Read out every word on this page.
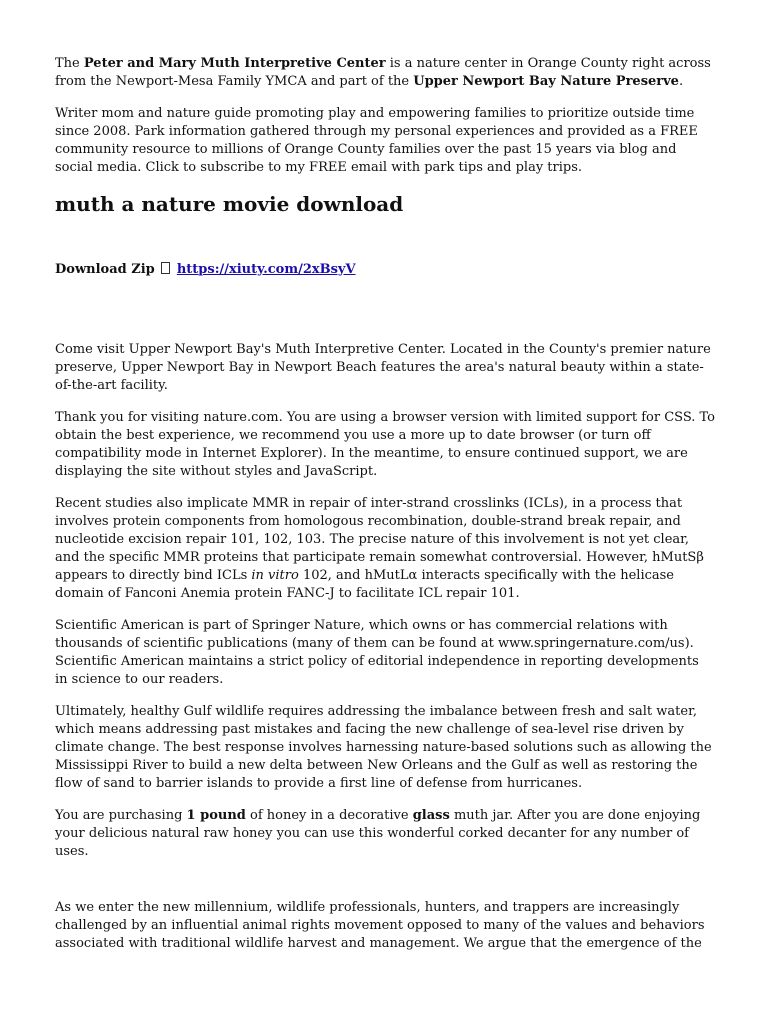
The Peter and Mary Muth Interpretive Center is a nature center in Orange County right across from the Newport-Mesa Family YMCA and part of the Upper Newport Bay Nature Preserve.

Writer mom and nature guide promoting play and empowering families to prioritize outside time since 2008. Park information gathered through my personal experiences and provided as a FREE community resource to millions of Orange County families over the past 15 years via blog and social media. Click to subscribe to my FREE email with park tips and play trips.

muth a nature movie download
Download Zip https://xiuty.com/2xBsyV

Come visit Upper Newport Bay's Muth Interpretive Center. Located in the County's premier nature preserve, Upper Newport Bay in Newport Beach features the area's natural beauty within a state-of-the-art facility.

Thank you for visiting nature.com. You are using a browser version with limited support for CSS. To obtain the best experience, we recommend you use a more up to date browser (or turn off compatibility mode in Internet Explorer). In the meantime, to ensure continued support, we are displaying the site without styles and JavaScript.

Recent studies also implicate MMR in repair of inter-strand crosslinks (ICLs), in a process that involves protein components from homologous recombination, double-strand break repair, and nucleotide excision repair 101, 102, 103. The precise nature of this involvement is not yet clear, and the specific MMR proteins that participate remain somewhat controversial. However, hMutSβ appears to directly bind ICLs in vitro 102, and hMutLα interacts specifically with the helicase domain of Fanconi Anemia protein FANC-J to facilitate ICL repair 101.

Scientific American is part of Springer Nature, which owns or has commercial relations with thousands of scientific publications (many of them can be found at www.springernature.com/us). Scientific American maintains a strict policy of editorial independence in reporting developments in science to our readers.

Ultimately, healthy Gulf wildlife requires addressing the imbalance between fresh and salt water, which means addressing past mistakes and facing the new challenge of sea-level rise driven by climate change. The best response involves harnessing nature-based solutions such as allowing the Mississippi River to build a new delta between New Orleans and the Gulf as well as restoring the flow of sand to barrier islands to provide a first line of defense from hurricanes.

You are purchasing 1 pound of honey in a decorative glass muth jar. After you are done enjoying your delicious natural raw honey you can use this wonderful corked decanter for any number of uses.

As we enter the new millennium, wildlife professionals, hunters, and trappers are increasingly challenged by an influential animal rights movement opposed to many of the values and behaviors associated with traditional wildlife harvest and management. We argue that the emergence of the
